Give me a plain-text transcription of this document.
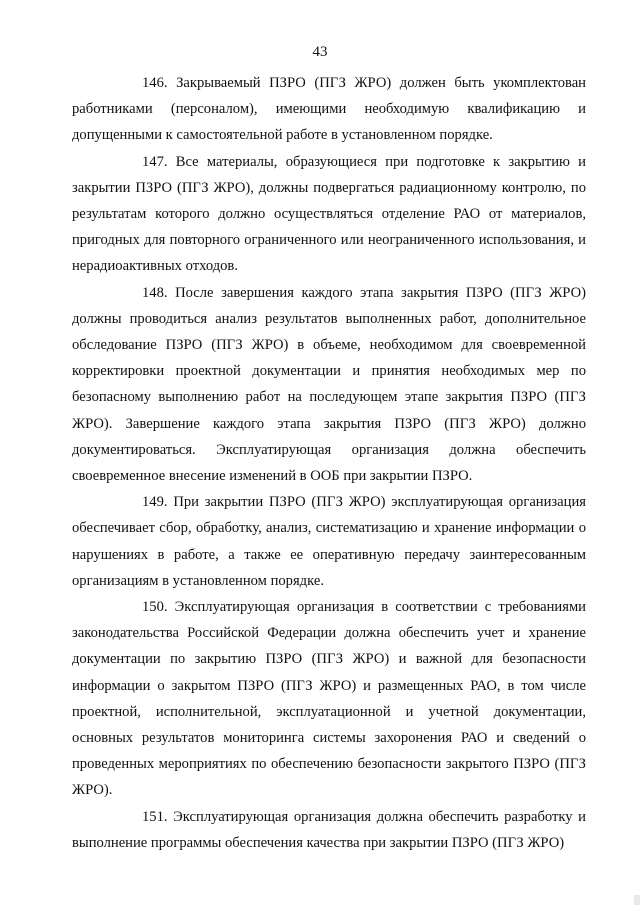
43

146. Закрываемый ПЗРО (ПГЗ ЖРО) должен быть укомплектован работниками (персоналом), имеющими необходимую квалификацию и допущенными к самостоятельной работе в установленном порядке.

147. Все материалы, образующиеся при подготовке к закрытию и закрытии ПЗРО (ПГЗ ЖРО), должны подвергаться радиационному контролю, по результатам которого должно осуществляться отделение РАО от материалов, пригодных для повторного ограниченного или неограниченного использования, и нерадиоактивных отходов.

148. После завершения каждого этапа закрытия ПЗРО (ПГЗ ЖРО) должны проводиться анализ результатов выполненных работ, дополнительное обследование ПЗРО (ПГЗ ЖРО) в объеме, необходимом для своевременной корректировки проектной документации и принятия необходимых мер по безопасному выполнению работ на последующем этапе закрытия ПЗРО (ПГЗ ЖРО). Завершение каждого этапа закрытия ПЗРО (ПГЗ ЖРО) должно документироваться. Эксплуатирующая организация должна обеспечить своевременное внесение изменений в ООБ при закрытии ПЗРО.

149. При закрытии ПЗРО (ПГЗ ЖРО) эксплуатирующая организация обеспечивает сбор, обработку, анализ, систематизацию и хранение информации о нарушениях в работе, а также ее оперативную передачу заинтересованным организациям в установленном порядке.

150. Эксплуатирующая организация в соответствии с требованиями законодательства Российской Федерации должна обеспечить учет и хранение документации по закрытию ПЗРО (ПГЗ ЖРО) и важной для безопасности информации о закрытом ПЗРО (ПГЗ ЖРО) и размещенных РАО, в том числе проектной, исполнительной, эксплуатационной и учетной документации, основных результатов мониторинга системы захоронения РАО и сведений о проведенных мероприятиях по обеспечению безопасности закрытого ПЗРО (ПГЗ ЖРО).

151. Эксплуатирующая организация должна обеспечить разработку и выполнение программы обеспечения качества при закрытии ПЗРО (ПГЗ ЖРО)
